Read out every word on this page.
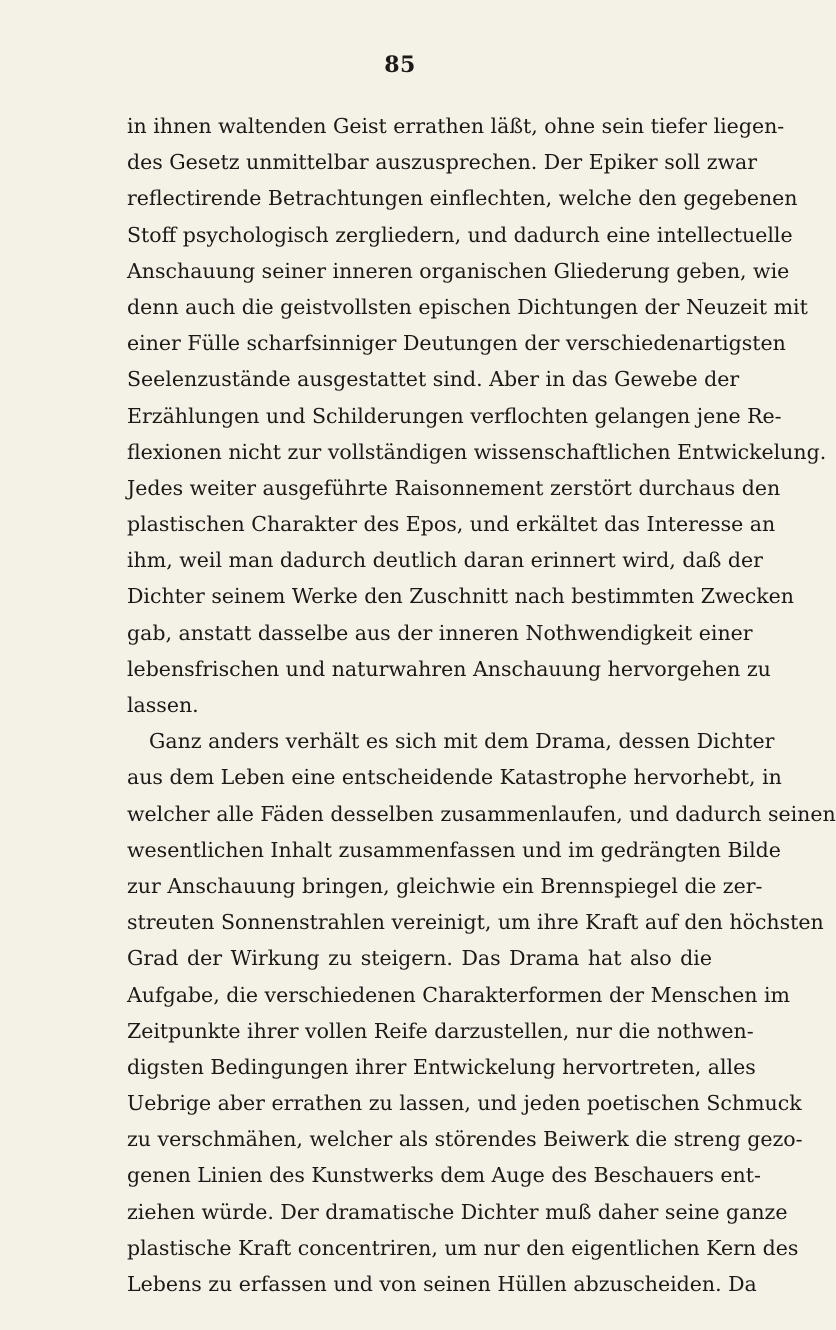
85
in ihnen waltenden Geist errathen läßt, ohne sein tiefer liegen-
des Gesetz unmittelbar auszusprechen. Der Epiker soll zwar
reflectirende Betrachtungen einflechten, welche den gegebenen
Stoff psychologisch zergliedern, und dadurch eine intellectuelle
Anschauung seiner inneren organischen Gliederung geben, wie
denn auch die geistvollsten epischen Dichtungen der Neuzeit mit
einer Fülle scharfsinniger Deutungen der verschiedenartigsten
Seelenzustände ausgestattet sind. Aber in das Gewebe der
Erzählungen und Schilderungen verflochten gelangen jene Re-
flexionen nicht zur vollständigen wissenschaftlichen Entwickelung.
Jedes weiter ausgeführte Raisonnement zerstört durchaus den
plastischen Charakter des Epos, und erkältet das Interesse an
ihm, weil man dadurch deutlich daran erinnert wird, daß der
Dichter seinem Werke den Zuschnitt nach bestimmten Zwecken
gab, anstatt dasselbe aus der inneren Nothwendigkeit einer
lebensfrischen und naturwahren Anschauung hervorgehen zu
lassen.
Ganz anders verhält es sich mit dem Drama, dessen Dichter
aus dem Leben eine entscheidende Katastrophe hervorhebt, in
welcher alle Fäden desselben zusammenlaufen, und dadurch seinen
wesentlichen Inhalt zusammenfassen und im gedrängten Bilde
zur Anschauung bringen, gleichwie ein Brennspiegel die zer-
streuten Sonnenstrahlen vereinigt, um ihre Kraft auf den höchsten
Grad der Wirkung zu steigern. Das Drama hat also die
Aufgabe, die verschiedenen Charakterformen der Menschen im
Zeitpunkte ihrer vollen Reife darzustellen, nur die nothwen-
digsten Bedingungen ihrer Entwickelung hervortreten, alles
Uebrige aber errathen zu lassen, und jeden poetischen Schmuck
zu verschmähen, welcher als störendes Beiwerk die streng gezo-
genen Linien des Kunstwerks dem Auge des Beschauers ent-
ziehen würde. Der dramatische Dichter muß daher seine ganze
plastische Kraft concentriren, um nur den eigentlichen Kern des
Lebens zu erfassen und von seinen Hüllen abzuscheiden. Da
